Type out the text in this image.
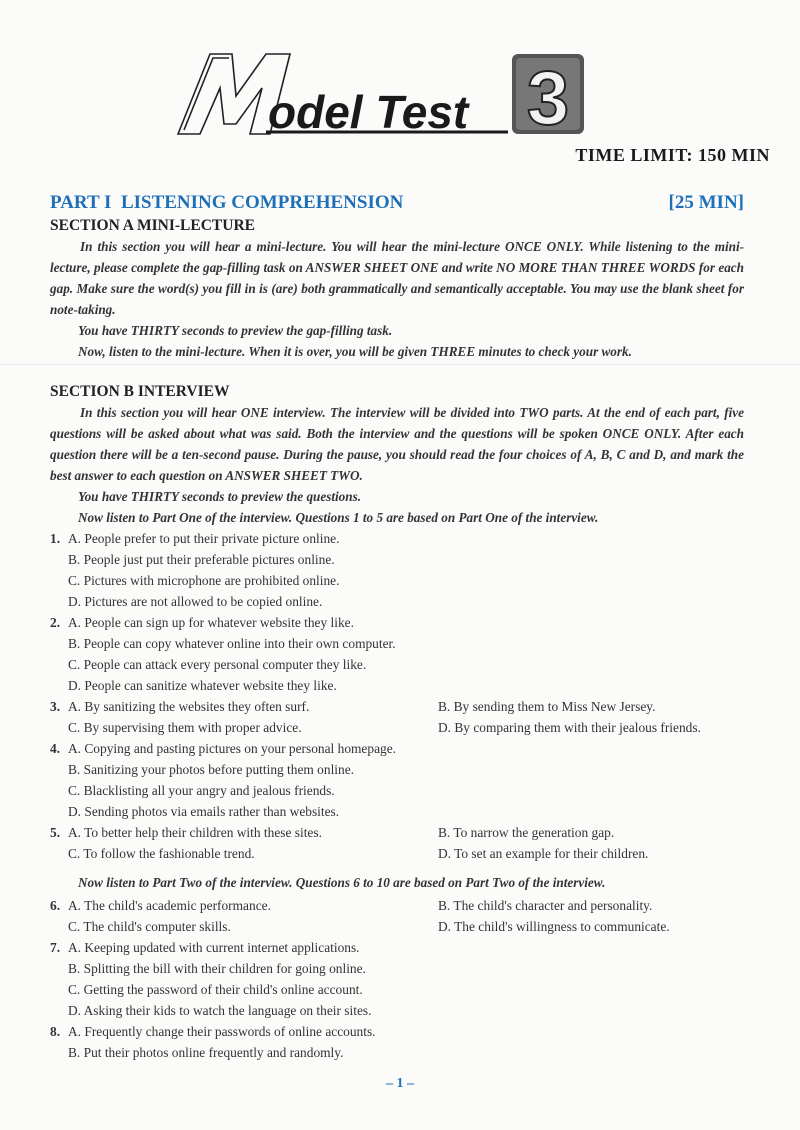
odel Test 3
TIME LIMIT: 150 MIN
PART I  LISTENING COMPREHENSION	[25 MIN]
SECTION A MINI-LECTURE

In this section you will hear a mini-lecture. You will hear the mini-lecture ONCE ONLY. While listening to the mini-lecture, please complete the gap-filling task on ANSWER SHEET ONE and write NO MORE THAN THREE WORDS for each gap. Make sure the word(s) you fill in is (are) both grammatically and semantically acceptable. You may use the blank sheet for note-taking.

You have THIRTY seconds to preview the gap-filling task.

Now, listen to the mini-lecture. When it is over, you will be given THREE minutes to check your work.

SECTION B INTERVIEW

In this section you will hear ONE interview. The interview will be divided into TWO parts. At the end of each part, five questions will be asked about what was said. Both the interview and the questions will be spoken ONCE ONLY. After each question there will be a ten-second pause. During the pause, you should read the four choices of A, B, C and D, and mark the best answer to each question on ANSWER SHEET TWO.

You have THIRTY seconds to preview the questions.

Now listen to Part One of the interview. Questions 1 to 5 are based on Part One of the interview.

1. A. People prefer to put their private picture online.
B. People just put their preferable pictures online.
C. Pictures with microphone are prohibited online.
D. Pictures are not allowed to be copied online.
2. A. People can sign up for whatever website they like.
B. People can copy whatever online into their own computer.
C. People can attack every personal computer they like.
D. People can sanitize whatever website they like.
3. A. By sanitizing the websites they often surf.	B. By sending them to Miss New Jersey.
C. By supervising them with proper advice.	D. By comparing them with their jealous friends.
4. A. Copying and pasting pictures on your personal homepage.
B. Sanitizing your photos before putting them online.
C. Blacklisting all your angry and jealous friends.
D. Sending photos via emails rather than websites.
5. A. To better help their children with these sites.	B. To narrow the generation gap.
C. To follow the fashionable trend.	D. To set an example for their children.

Now listen to Part Two of the interview. Questions 6 to 10 are based on Part Two of the interview.

6. A. The child's academic performance.	B. The child's character and personality.
C. The child's computer skills.	D. The child's willingness to communicate.
7. A. Keeping updated with current internet applications.
B. Splitting the bill with their children for going online.
C. Getting the password of their child's online account.
D. Asking their kids to watch the language on their sites.
8. A. Frequently change their passwords of online accounts.
B. Put their photos online frequently and randomly.
– 1 –
